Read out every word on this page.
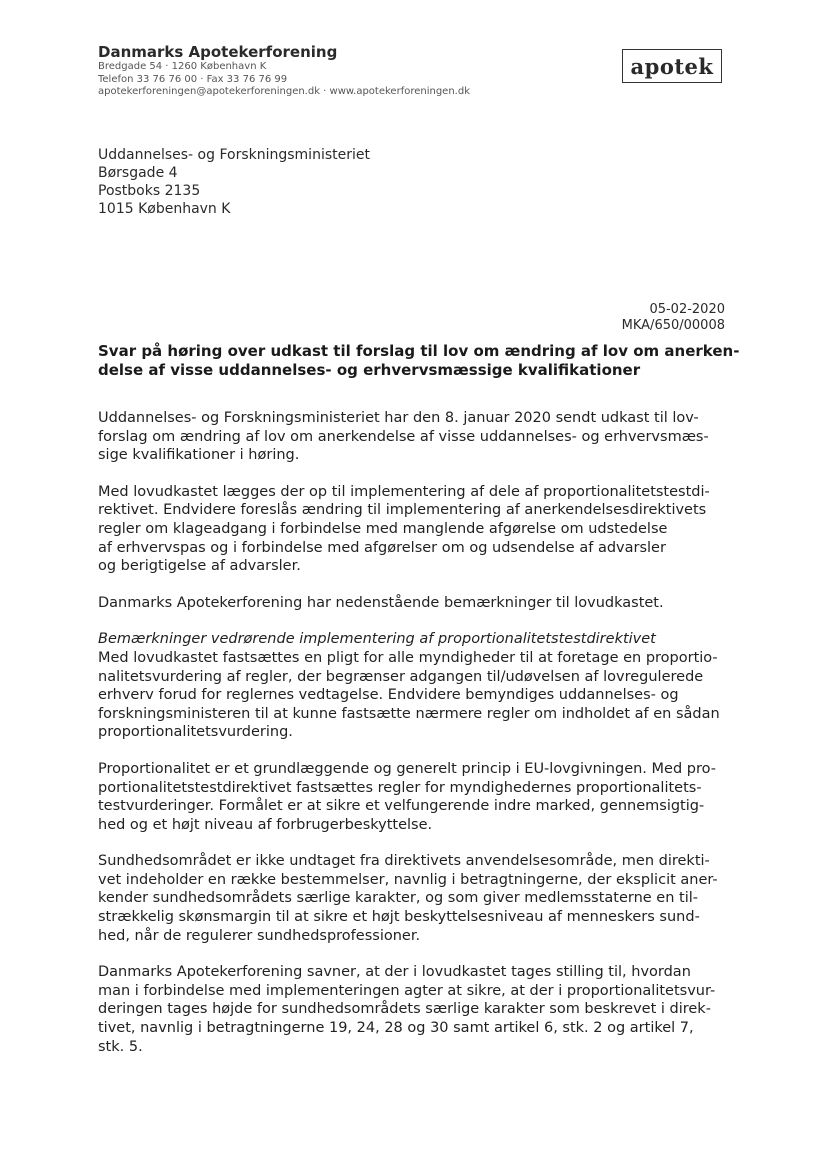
Danmarks Apotekerforening
Bredgade 54 · 1260 København K
Telefon 33 76 76 00 · Fax 33 76 76 99
apotekerforeningen@apotekerforeningen.dk · www.apotekerforeningen.dk
apotek
Uddannelses- og Forskningsministeriet
Børsgade 4
Postboks 2135
1015 København K
05-02-2020
MKA/650/00008
Svar på høring over udkast til forslag til lov om ændring af lov om anerken-
delse af visse uddannelses- og erhvervsmæssige kvalifikationer

Uddannelses- og Forskningsministeriet har den 8. januar 2020 sendt udkast til lov-
forslag om ændring af lov om anerkendelse af visse uddannelses- og erhvervsmæs-
sige kvalifikationer i høring.

Med lovudkastet lægges der op til implementering af dele af proportionalitetstestdi-
rektivet. Endvidere foreslås ændring til implementering af anerkendelsesdirektivets
regler om klageadgang i forbindelse med manglende afgørelse om udstedelse
af erhvervspas og i forbindelse med afgørelser om og udsendelse af advarsler
og berigtigelse af advarsler.

Danmarks Apotekerforening har nedenstående bemærkninger til lovudkastet.

Bemærkninger vedrørende implementering af proportionalitetstestdirektivet
Med lovudkastet fastsættes en pligt for alle myndigheder til at foretage en proportio-
nalitetsvurdering af regler, der begrænser adgangen til/udøvelsen af lovregulerede
erhverv forud for reglernes vedtagelse. Endvidere bemyndiges uddannelses- og
forskningsministeren til at kunne fastsætte nærmere regler om indholdet af en sådan
proportionalitetsvurdering.

Proportionalitet er et grundlæggende og generelt princip i EU-lovgivningen. Med pro-
portionalitetstestdirektivet fastsættes regler for myndighedernes proportionalitets-
testvurderinger. Formålet er at sikre et velfungerende indre marked, gennemsigtig-
hed og et højt niveau af forbrugerbeskyttelse.

Sundhedsområdet er ikke undtaget fra direktivets anvendelsesområde, men direkti-
vet indeholder en række bestemmelser, navnlig i betragtningerne, der eksplicit aner-
kender sundhedsområdets særlige karakter, og som giver medlemsstaterne en til-
strækkelig skønsmargin til at sikre et højt beskyttelsesniveau af menneskers sund-
hed, når de regulerer sundhedsprofessioner.

Danmarks Apotekerforening savner, at der i lovudkastet tages stilling til, hvordan
man i forbindelse med implementeringen agter at sikre, at der i proportionalitetsvur-
deringen tages højde for sundhedsområdets særlige karakter som beskrevet i direk-
tivet, navnlig i betragtningerne 19, 24, 28 og 30 samt artikel 6, stk. 2 og artikel 7,
stk. 5.
